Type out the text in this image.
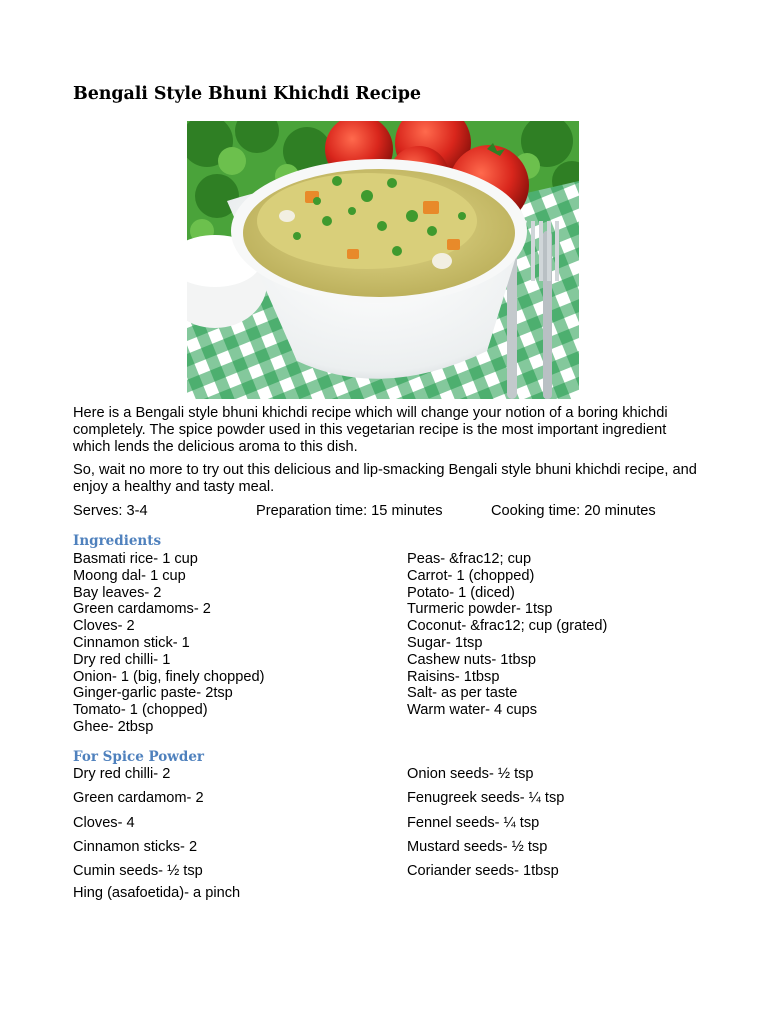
Bengali Style Bhuni Khichdi Recipe

Here is a Bengali style bhuni khichdi recipe which will change your notion of a boring khichdi completely. The spice powder used in this vegetarian recipe is the most important ingredient which lends the delicious aroma to this dish.

So, wait no more to try out this delicious and lip-smacking Bengali style bhuni khichdi recipe, and enjoy a healthy and tasty meal.

Serves: 3-4	Preparation time: 15 minutes	Cooking time: 20 minutes
Ingredients
Basmati rice- 1 cup
Moong dal- 1 cup
Bay leaves- 2
Green cardamoms- 2
Cloves- 2
Cinnamon stick- 1
Dry red chilli- 1
Onion- 1 (big, finely chopped)
Ginger-garlic paste- 2tsp
Tomato- 1 (chopped)
Ghee- 2tbsp
Peas- &frac12; cup
Carrot- 1 (chopped)
Potato- 1 (diced)
Turmeric powder- 1tsp
Coconut- &frac12; cup (grated)
Sugar- 1tsp
Cashew nuts- 1tbsp
Raisins- 1tbsp
Salt- as per taste
Warm water- 4 cups
For Spice Powder
Dry red chilli- 2
Green cardamom- 2
Cloves- 4
Cinnamon sticks- 2
Cumin seeds- ½ tsp
Onion seeds- ½ tsp
Fenugreek seeds- ¼ tsp
Fennel seeds- ¼ tsp
Mustard seeds- ½ tsp
Coriander seeds- 1tbsp
Hing (asafoetida)- a pinch
